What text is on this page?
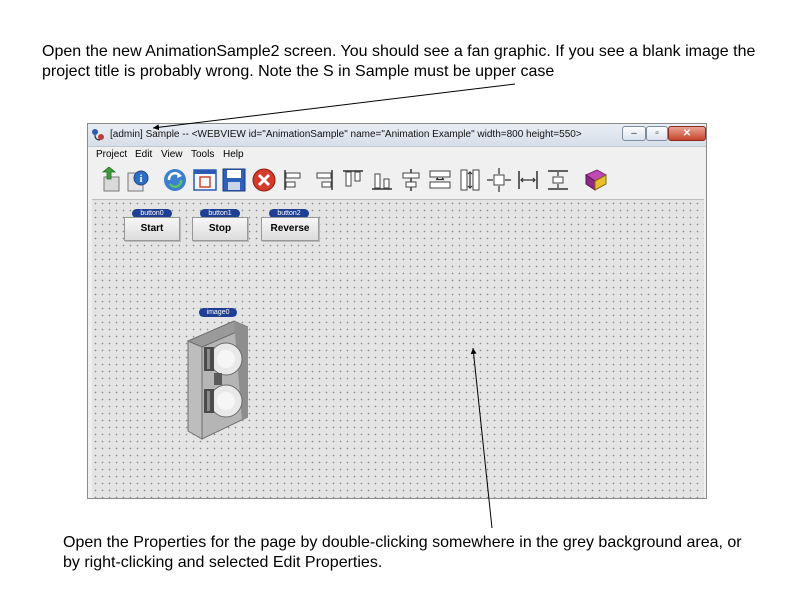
Open the new AnimationSample2 screen. You should see a fan graphic. If you see a blank image the project title is probably wrong. Note the S in Sample must be upper case
[admin] Sample -- <WEBVIEW id="AnimationSample" name="Animation Example" width=800 height=550>	–	▫	✕
Project Edit View Tools Help
i
button0
Start
button1
Stop
button2
Reverse
image0
Open the Properties for the page by double-clicking somewhere in the grey background area, or by right-clicking and selected Edit Properties.
